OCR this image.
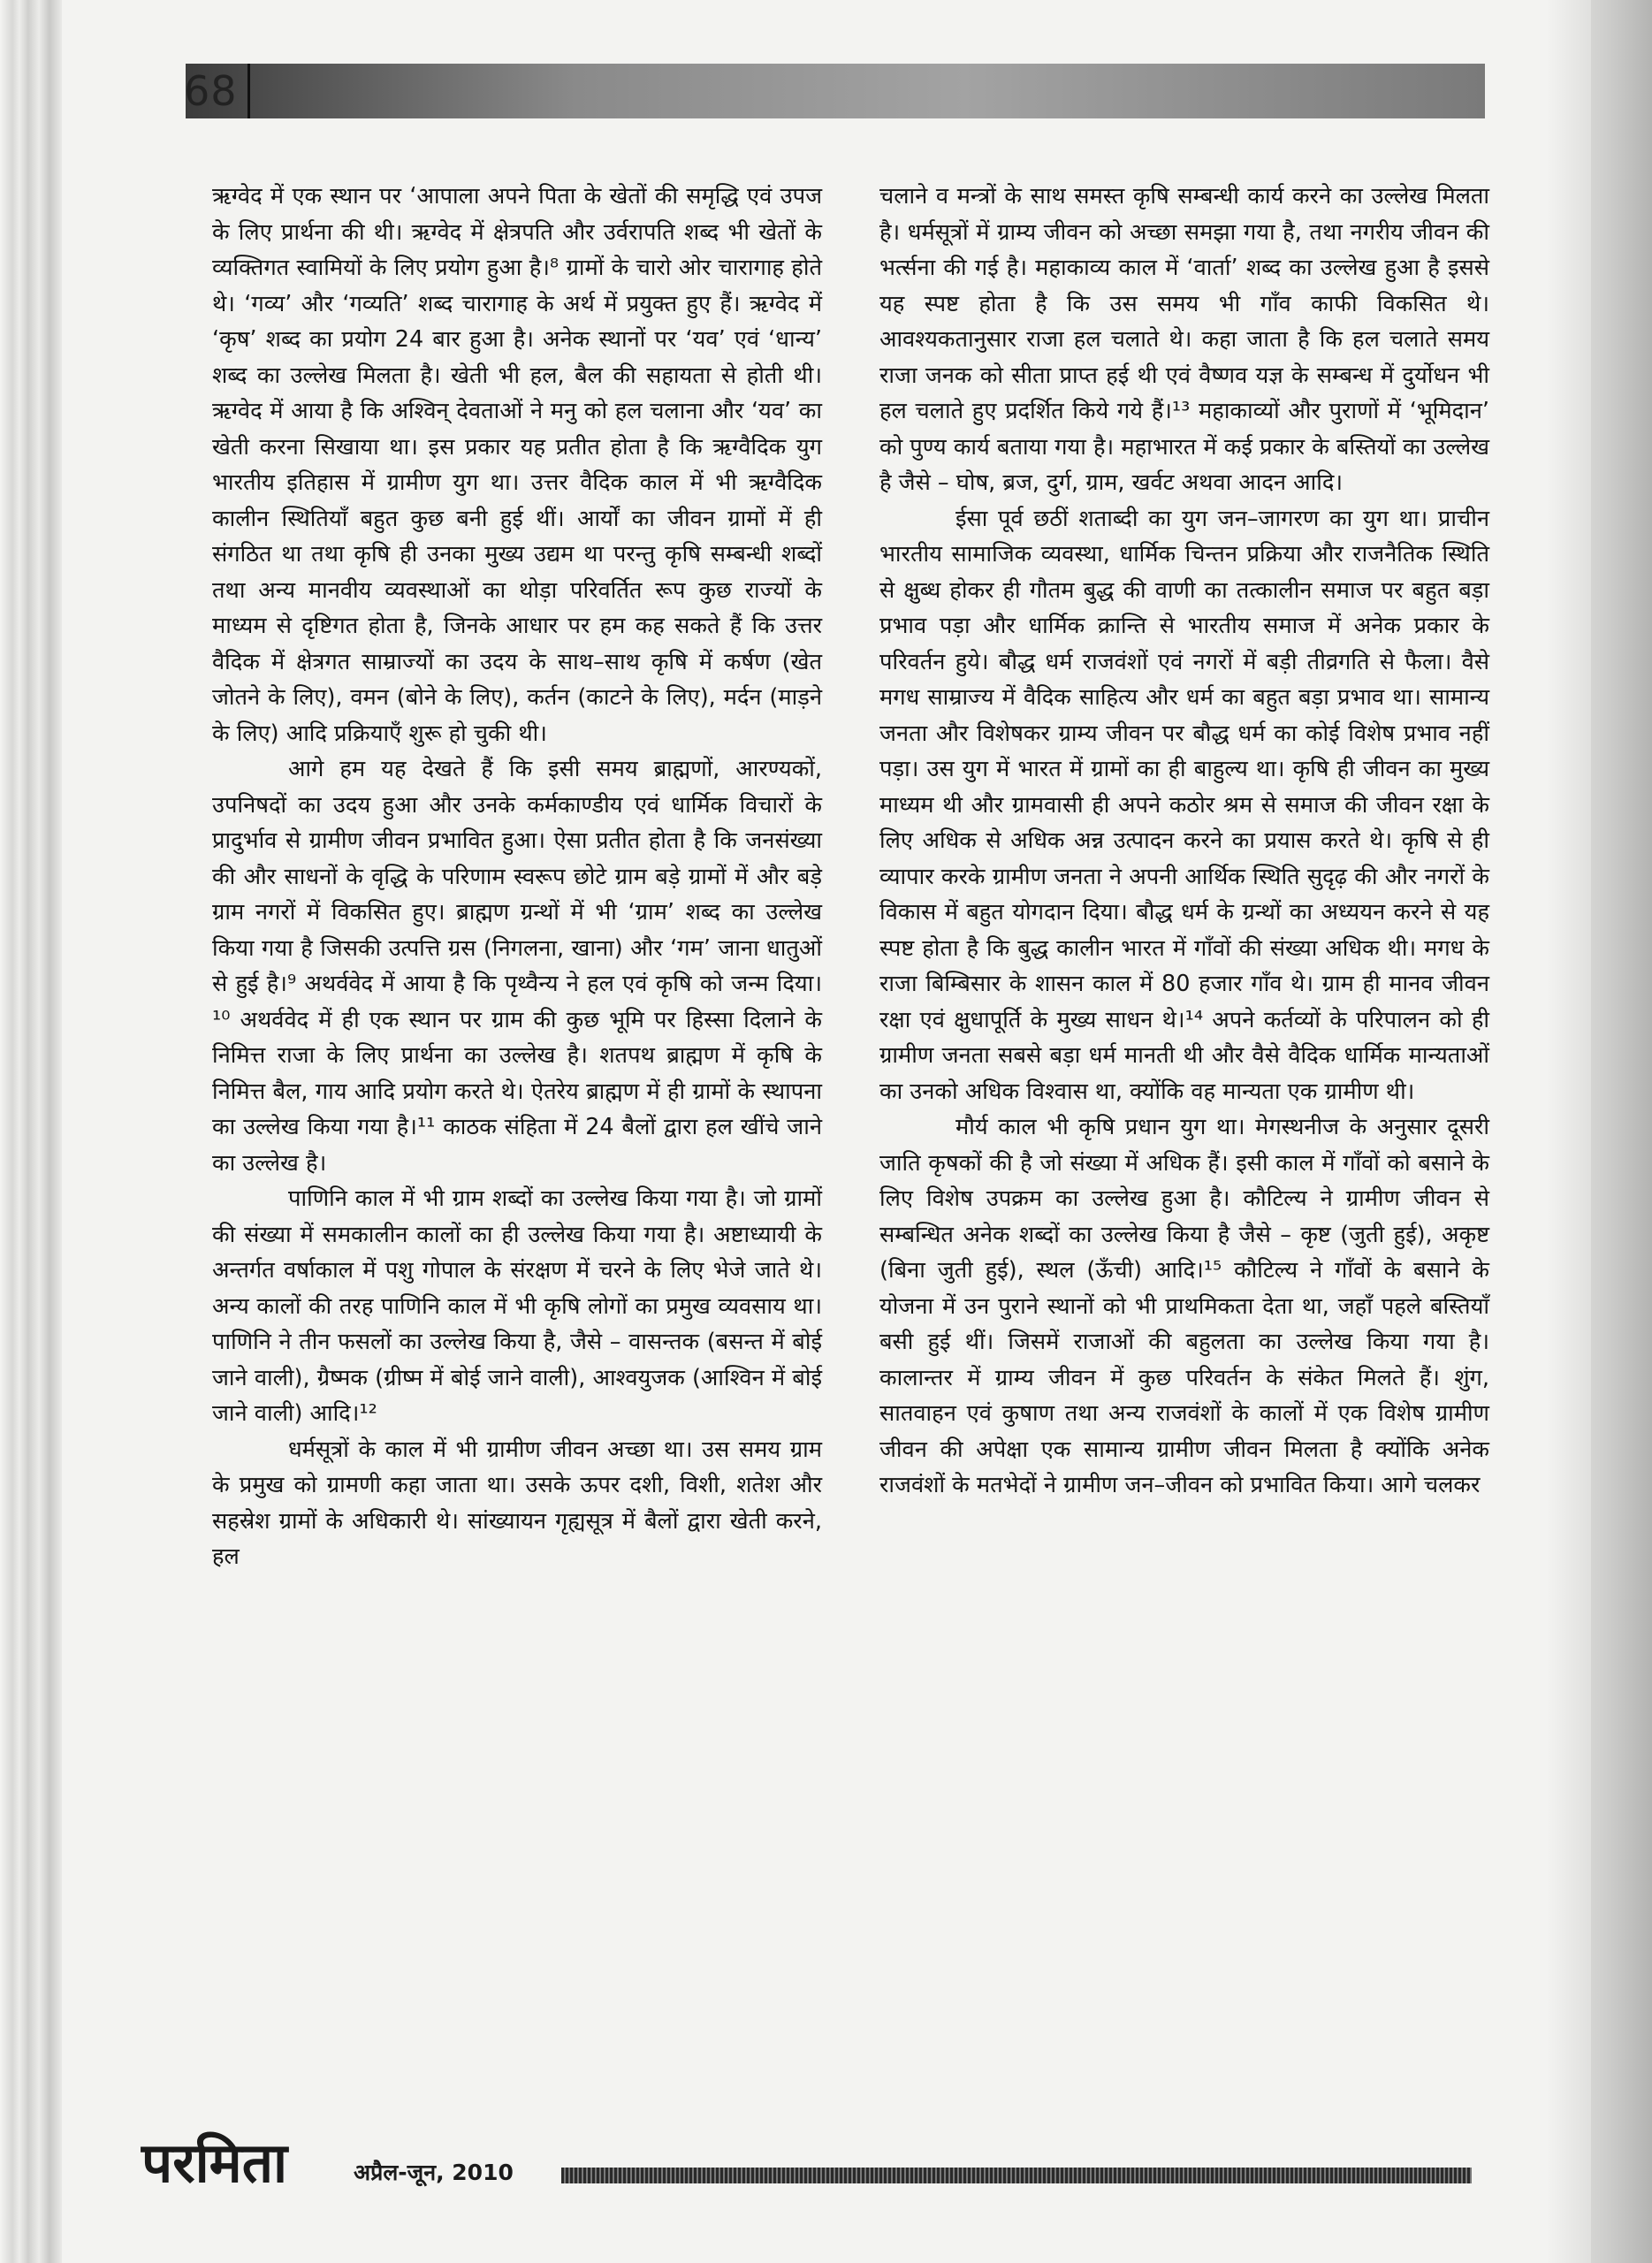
68

ऋग्वेद में एक स्थान पर ‘आपाला अपने पिता के खेतों की समृद्धि एवं उपज के लिए प्रार्थना की थी। ऋग्वेद में क्षेत्रपति और उर्वरापति शब्द भी खेतों के व्यक्तिगत स्वामियों के लिए प्रयोग हुआ है।⁸ ग्रामों के चारो ओर चारागाह होते थे। ‘गव्य’ और ‘गव्यति’ शब्द चारागाह के अर्थ में प्रयुक्त हुए हैं। ऋग्वेद में ‘कृष’ शब्द का प्रयोग 24 बार हुआ है। अनेक स्थानों पर ‘यव’ एवं ‘धान्य’ शब्द का उल्लेख मिलता है। खेती भी हल, बैल की सहायता से होती थी। ऋग्वेद में आया है कि अश्विन् देवताओं ने मनु को हल चलाना और ‘यव’ का खेती करना सिखाया था। इस प्रकार यह प्रतीत होता है कि ऋग्वैदिक युग भारतीय इतिहास में ग्रामीण युग था। उत्तर वैदिक काल में भी ऋग्वैदिक कालीन स्थितियाँ बहुत कुछ बनी हुई थीं। आर्यों का जीवन ग्रामों में ही संगठित था तथा कृषि ही उनका मुख्य उद्यम था परन्तु कृषि सम्बन्धी शब्दों तथा अन्य मानवीय व्यवस्थाओं का थोड़ा परिवर्तित रूप कुछ राज्यों के माध्यम से दृष्टिगत होता है, जिनके आधार पर हम कह सकते हैं कि उत्तर वैदिक में क्षेत्रगत साम्राज्यों का उदय के साथ–साथ कृषि में कर्षण (खेत जोतने के लिए), वमन (बोने के लिए), कर्तन (काटने के लिए), मर्दन (माड़ने के लिए) आदि प्रक्रियाएँ शुरू हो चुकी थी।

आगे हम यह देखते हैं कि इसी समय ब्राह्मणों, आरण्यकों, उपनिषदों का उदय हुआ और उनके कर्मकाण्डीय एवं धार्मिक विचारों के प्रादुर्भाव से ग्रामीण जीवन प्रभावित हुआ। ऐसा प्रतीत होता है कि जनसंख्या की और साधनों के वृद्धि के परिणाम स्वरूप छोटे ग्राम बड़े ग्रामों में और बड़े ग्राम नगरों में विकसित हुए। ब्राह्मण ग्रन्थों में भी ‘ग्राम’ शब्द का उल्लेख किया गया है जिसकी उत्पत्ति ग्रस (निगलना, खाना) और ‘गम’ जाना धातुओं से हुई है।⁹ अथर्ववेद में आया है कि पृथ्वैन्य ने हल एवं कृषि को जन्म दिया।¹⁰ अथर्ववेद में ही एक स्थान पर ग्राम की कुछ भूमि पर हिस्सा दिलाने के निमित्त राजा के लिए प्रार्थना का उल्लेख है। शतपथ ब्राह्मण में कृषि के निमित्त बैल, गाय आदि प्रयोग करते थे। ऐतरेय ब्राह्मण में ही ग्रामों के स्थापना का उल्लेख किया गया है।¹¹ काठक संहिता में 24 बैलों द्वारा हल खींचे जाने का उल्लेख है।

पाणिनि काल में भी ग्राम शब्दों का उल्लेख किया गया है। जो ग्रामों की संख्या में समकालीन कालों का ही उल्लेख किया गया है। अष्टाध्यायी के अन्तर्गत वर्षाकाल में पशु गोपाल के संरक्षण में चरने के लिए भेजे जाते थे। अन्य कालों की तरह पाणिनि काल में भी कृषि लोगों का प्रमुख व्यवसाय था। पाणिनि ने तीन फसलों का उल्लेख किया है, जैसे – वासन्तक (बसन्त में बोई जाने वाली), ग्रैष्मक (ग्रीष्म में बोई जाने वाली), आश्वयुजक (आश्विन में बोई जाने वाली) आदि।¹²

धर्मसूत्रों के काल में भी ग्रामीण जीवन अच्छा था। उस समय ग्राम के प्रमुख को ग्रामणी कहा जाता था। उसके ऊपर दशी, विशी, शतेश और सहस्रेश ग्रामों के अधिकारी थे। सांख्यायन गृह्यसूत्र में बैलों द्वारा खेती करने, हल

चलाने व मन्त्रों के साथ समस्त कृषि सम्बन्धी कार्य करने का उल्लेख मिलता है। धर्मसूत्रों में ग्राम्य जीवन को अच्छा समझा गया है, तथा नगरीय जीवन की भर्त्सना की गई है। महाकाव्य काल में ‘वार्ता’ शब्द का उल्लेख हुआ है इससे यह स्पष्ट होता है कि उस समय भी गाँव काफी विकसित थे। आवश्यकतानुसार राजा हल चलाते थे। कहा जाता है कि हल चलाते समय राजा जनक को सीता प्राप्त हई थी एवं वैष्णव यज्ञ के सम्बन्ध में दुर्योधन भी हल चलाते हुए प्रदर्शित किये गये हैं।¹³ महाकाव्यों और पुराणों में ‘भूमिदान’ को पुण्य कार्य बताया गया है। महाभारत में कई प्रकार के बस्तियों का उल्लेख है जैसे – घोष, ब्रज, दुर्ग, ग्राम, खर्वट अथवा आदन आदि।

ईसा पूर्व छठीं शताब्दी का युग जन–जागरण का युग था। प्राचीन भारतीय सामाजिक व्यवस्था, धार्मिक चिन्तन प्रक्रिया और राजनैतिक स्थिति से क्षुब्ध होकर ही गौतम बुद्ध की वाणी का तत्कालीन समाज पर बहुत बड़ा प्रभाव पड़ा और धार्मिक क्रान्ति से भारतीय समाज में अनेक प्रकार के परिवर्तन हुये। बौद्ध धर्म राजवंशों एवं नगरों में बड़ी तीव्रगति से फैला। वैसे मगध साम्राज्य में वैदिक साहित्य और धर्म का बहुत बड़ा प्रभाव था। सामान्य जनता और विशेषकर ग्राम्य जीवन पर बौद्ध धर्म का कोई विशेष प्रभाव नहीं पड़ा। उस युग में भारत में ग्रामों का ही बाहुल्य था। कृषि ही जीवन का मुख्य माध्यम थी और ग्रामवासी ही अपने कठोर श्रम से समाज की जीवन रक्षा के लिए अधिक से अधिक अन्न उत्पादन करने का प्रयास करते थे। कृषि से ही व्यापार करके ग्रामीण जनता ने अपनी आर्थिक स्थिति सुदृढ़ की और नगरों के विकास में बहुत योगदान दिया। बौद्ध धर्म के ग्रन्थों का अध्ययन करने से यह स्पष्ट होता है कि बुद्ध कालीन भारत में गाँवों की संख्या अधिक थी। मगध के राजा बिम्बिसार के शासन काल में 80 हजार गाँव थे। ग्राम ही मानव जीवन रक्षा एवं क्षुधापूर्ति के मुख्य साधन थे।¹⁴ अपने कर्तव्यों के परिपालन को ही ग्रामीण जनता सबसे बड़ा धर्म मानती थी और वैसे वैदिक धार्मिक मान्यताओं का उनको अधिक विश्वास था, क्योंकि वह मान्यता एक ग्रामीण थी।

मौर्य काल भी कृषि प्रधान युग था। मेगस्थनीज के अनुसार दूसरी जाति कृषकों की है जो संख्या में अधिक हैं। इसी काल में गाँवों को बसाने के लिए विशेष उपक्रम का उल्लेख हुआ है। कौटिल्य ने ग्रामीण जीवन से सम्बन्धित अनेक शब्दों का उल्लेख किया है जैसे – कृष्ट (जुती हुई), अकृष्ट (बिना जुती हुई), स्थल (ऊँची) आदि।¹⁵ कौटिल्य ने गाँवों के बसाने के योजना में उन पुराने स्थानों को भी प्राथमिकता देता था, जहाँ पहले बस्तियाँ बसी हुई थीं। जिसमें राजाओं की बहुलता का उल्लेख किया गया है। कालान्तर में ग्राम्य जीवन में कुछ परिवर्तन के संकेत मिलते हैं। शुंग, सातवाहन एवं कुषाण तथा अन्य राजवंशों के कालों में एक विशेष ग्रामीण जीवन की अपेक्षा एक सामान्य ग्रामीण जीवन मिलता है क्योंकि अनेक राजवंशों के मतभेदों ने ग्रामीण जन–जीवन को प्रभावित किया। आगे चलकर

परमिता	अप्रैल-जून, 2010
